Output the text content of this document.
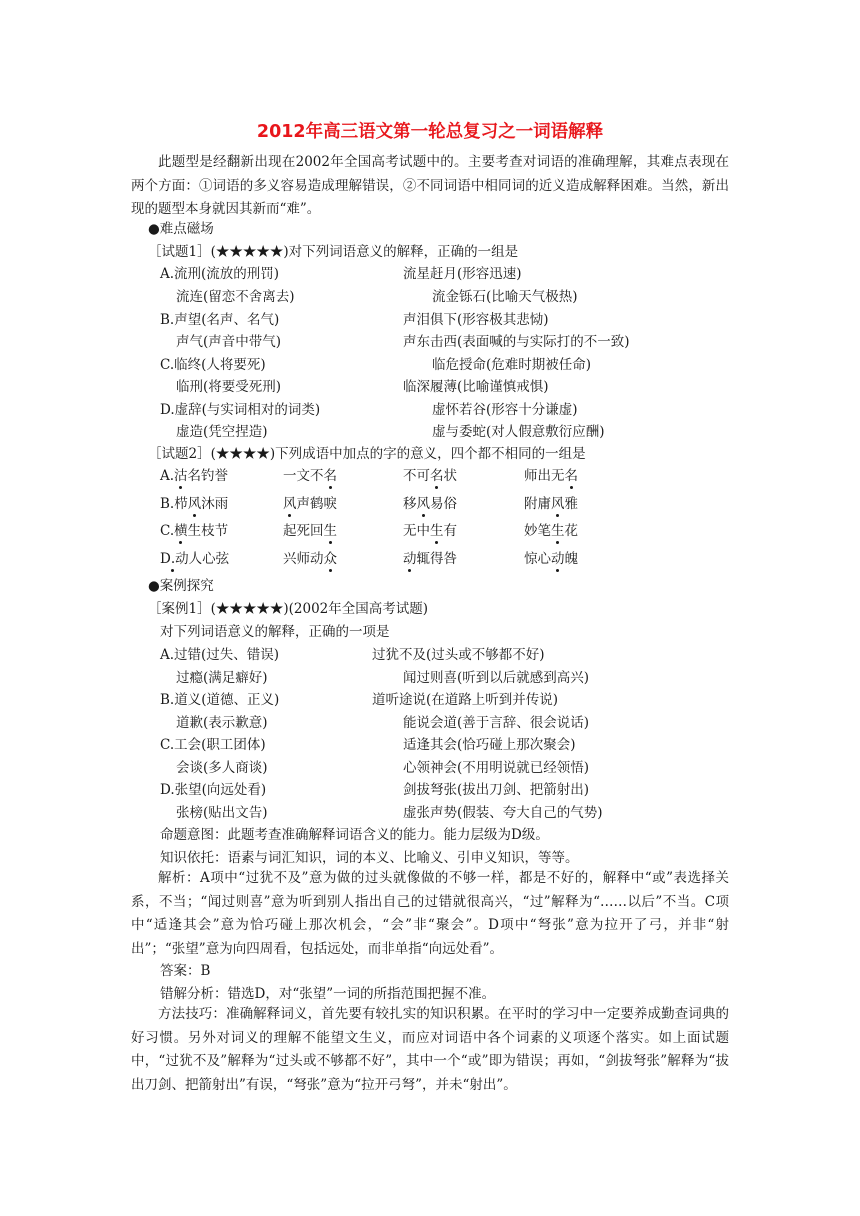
2012年高三语文第一轮总复习之一词语解释
此题型是经翻新出现在2002年全国高考试题中的。主要考查对词语的准确理解，其难点表现在两个方面：①词语的多义容易造成理解错误，②不同词语中相同词的近义造成解释困难。当然，新出现的题型本身就因其新而“难”。
●难点磁场
［试题1］(★★★★★)对下列词语意义的解释，正确的一组是
A.流刑(流放的刑罚)	流星赶月(形容迅速)
流连(留恋不舍离去)	流金铄石(比喻天气极热)
B.声望(名声、名气)	声泪俱下(形容极其悲恸)
声气(声音中带气)	声东击西(表面喊的与实际打的不一致)
C.临终(人将要死)	临危授命(危难时期被任命)
临刑(将要受死刑)	临深履薄(比喻谨慎戒惧)
D.虚辞(与实词相对的词类)	虚怀若谷(形容十分谦虚)
虚造(凭空捏造)	虚与委蛇(对人假意敷衍应酬)
［试题2］(★★★★)下列成语中加点的字的意义，四个都不相同的一组是
A.沽名钓誉	一文不名	不可名状	师出无名
B.栉风沐雨	风声鹤唳	移风易俗	附庸风雅
C.横生枝节	起死回生	无中生有	妙笔生花
D.动人心弦	兴师动众	动辄得咎	惊心动魄
●案例探究
［案例1］(★★★★★)(2002年全国高考试题)
对下列词语意义的解释，正确的一项是
A.过错(过失、错误)	过犹不及(过头或不够都不好)
过瘾(满足癖好)	闻过则喜(听到以后就感到高兴)
B.道义(道德、正义)	道听途说(在道路上听到并传说)
道歉(表示歉意)	能说会道(善于言辞、很会说话)
C.工会(职工团体)	适逢其会(恰巧碰上那次聚会)
会谈(多人商谈)	心领神会(不用明说就已经领悟)
D.张望(向远处看)	剑拔弩张(拔出刀剑、把箭射出)
张榜(贴出文告)	虚张声势(假装、夸大自己的气势)
命题意图：此题考查准确解释词语含义的能力。能力层级为D级。
知识依托：语素与词汇知识，词的本义、比喻义、引申义知识，等等。
解析：A项中“过犹不及”意为做的过头就像做的不够一样，都是不好的，解释中“或”表选择关系，不当；“闻过则喜”意为听到别人指出自己的过错就很高兴，“过”解释为“……以后”不当。C项中“适逢其会”意为恰巧碰上那次机会，“会”非“聚会”。D项中“弩张”意为拉开了弓，并非“射出”；“张望”意为向四周看，包括远处，而非单指“向远处看”。
答案：B
错解分析：错选D，对“张望”一词的所指范围把握不准。
方法技巧：准确解释词义，首先要有较扎实的知识积累。在平时的学习中一定要养成勤查词典的好习惯。另外对词义的理解不能望文生义，而应对词语中各个词素的义项逐个落实。如上面试题中，“过犹不及”解释为“过头或不够都不好”，其中一个“或”即为错误；再如，“剑拔弩张”解释为“拔出刀剑、把箭射出”有误，“弩张”意为“拉开弓弩”，并未“射出”。
